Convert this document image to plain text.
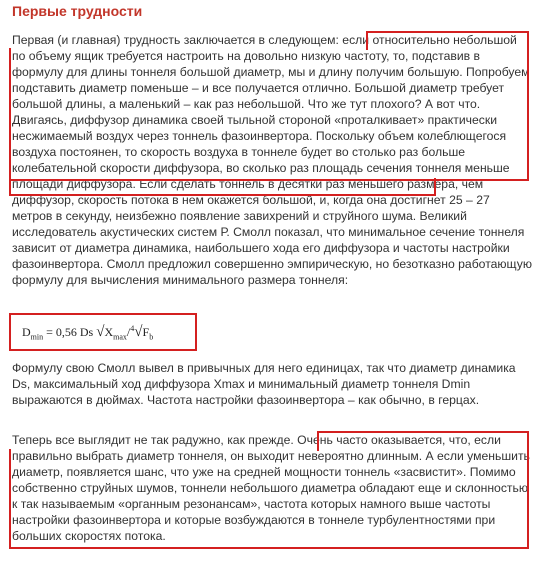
Первые трудности
Первая (и главная) трудность заключается в следующем: если относительно небольшой по объему ящик требуется настроить на довольно низкую частоту, то, подставив в формулу для длины тоннеля большой диаметр, мы и длину получим большую. Попробуем подставить диаметр поменьше – и все получается отлично. Большой диаметр требует большой длины, а маленький – как раз небольшой. Что же тут плохого? А вот что. Двигаясь, диффузор динамика своей тыльной стороной «проталкивает» практически несжимаемый воздух через тоннель фазоинвертора. Поскольку объем колеблющегося воздуха постоянен, то скорость воздуха в тоннеле будет во столько раз больше колебательной скорости диффузора, во сколько раз площадь сечения тоннеля меньше площади диффузора. Если сделать тоннель в десятки раз меньшего размера, чем диффузор, скорость потока в нем окажется большой, и, когда она достигнет 25 – 27 метров в секунду, неизбежно появление завихрений и струйного шума. Великий исследователь акустических систем Р. Смолл показал, что минимальное сечение тоннеля зависит от диаметра динамика, наибольшего хода его диффузора и частоты настройки фазоинвертора. Смолл предложил совершенно эмпирическую, но безотказно работающую формулу для вычисления минимального размера тоннеля:
$D_{min} = 0,56$ Ds $√X_{max}/^4√F_b$
Формулу свою Смолл вывел в привычных для него единицах, так что диаметр динамика Ds, максимальный ход диффузора Xmax и минимальный диаметр тоннеля Dmin выражаются в дюймах. Частота настройки фазоинвертора – как обычно, в герцах.
Теперь все выглядит не так радужно, как прежде. Очень часто оказывается, что, если правильно выбрать диаметр тоннеля, он выходит невероятно длинным. А если уменьшить диаметр, появляется шанс, что уже на средней мощности тоннель «засвистит». Помимо собственно струйных шумов, тоннели небольшого диаметра обладают еще и склонностью к так называемым «органным резонансам», частота которых намного выше частоты настройки фазоинвертора и которые возбуждаются в тоннеле турбулентностями при больших скоростях потока.
